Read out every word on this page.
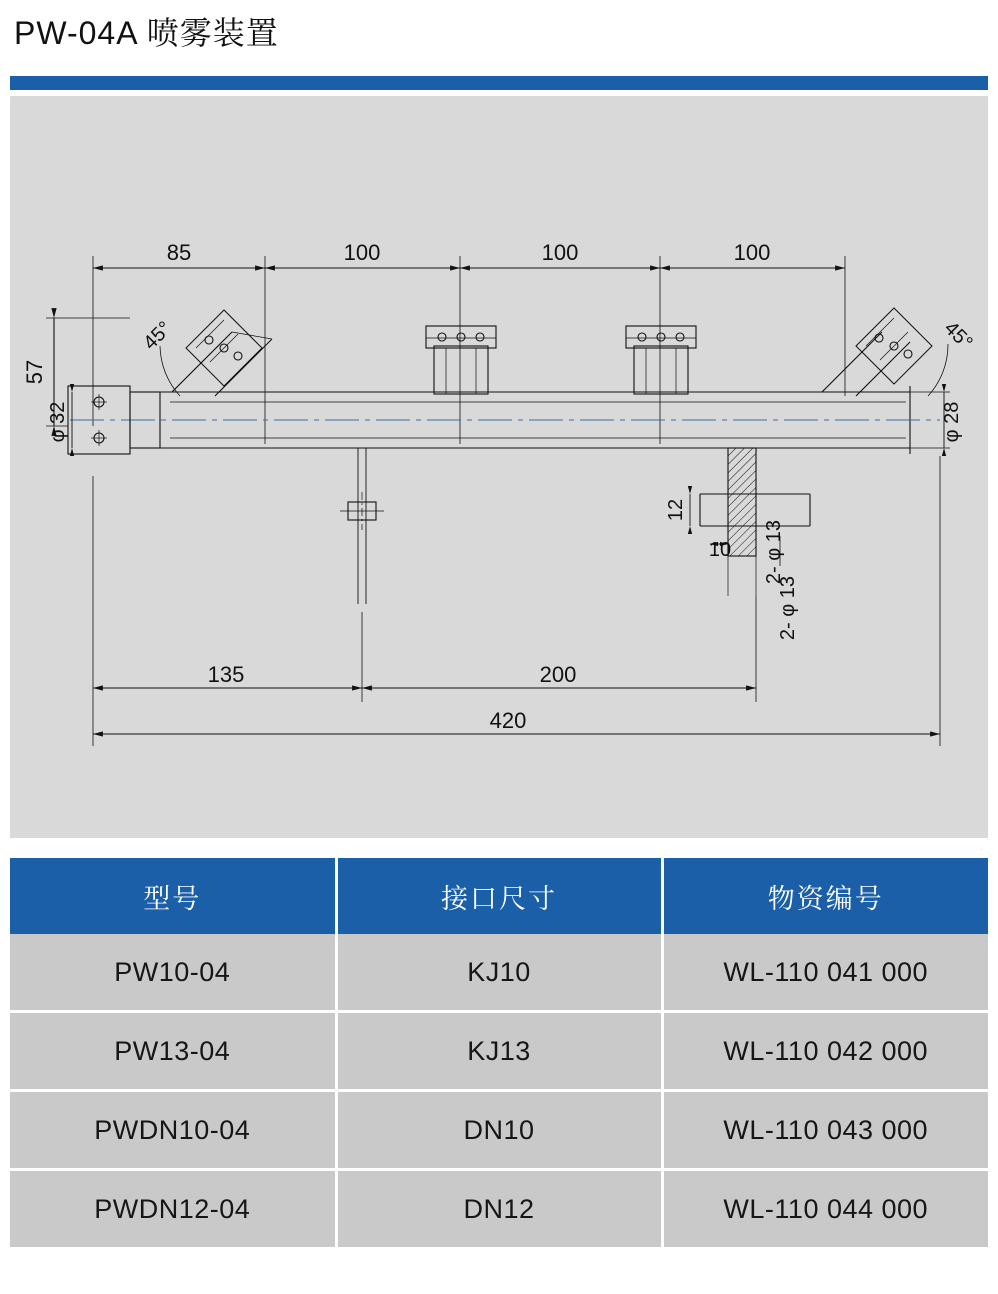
PW-04A 喷雾装置
85	100	100	100
57
φ 32	φ 28
45°	45°
135	200
420
12
10 2- φ 13
2- φ 13
型号	接口尺寸	物资编号
PW10-04	KJ10	WL-110 041 000
PW13-04	KJ13	WL-110 042 000
PWDN10-04	DN10	WL-110 043 000
PWDN12-04	DN12	WL-110 044 000
